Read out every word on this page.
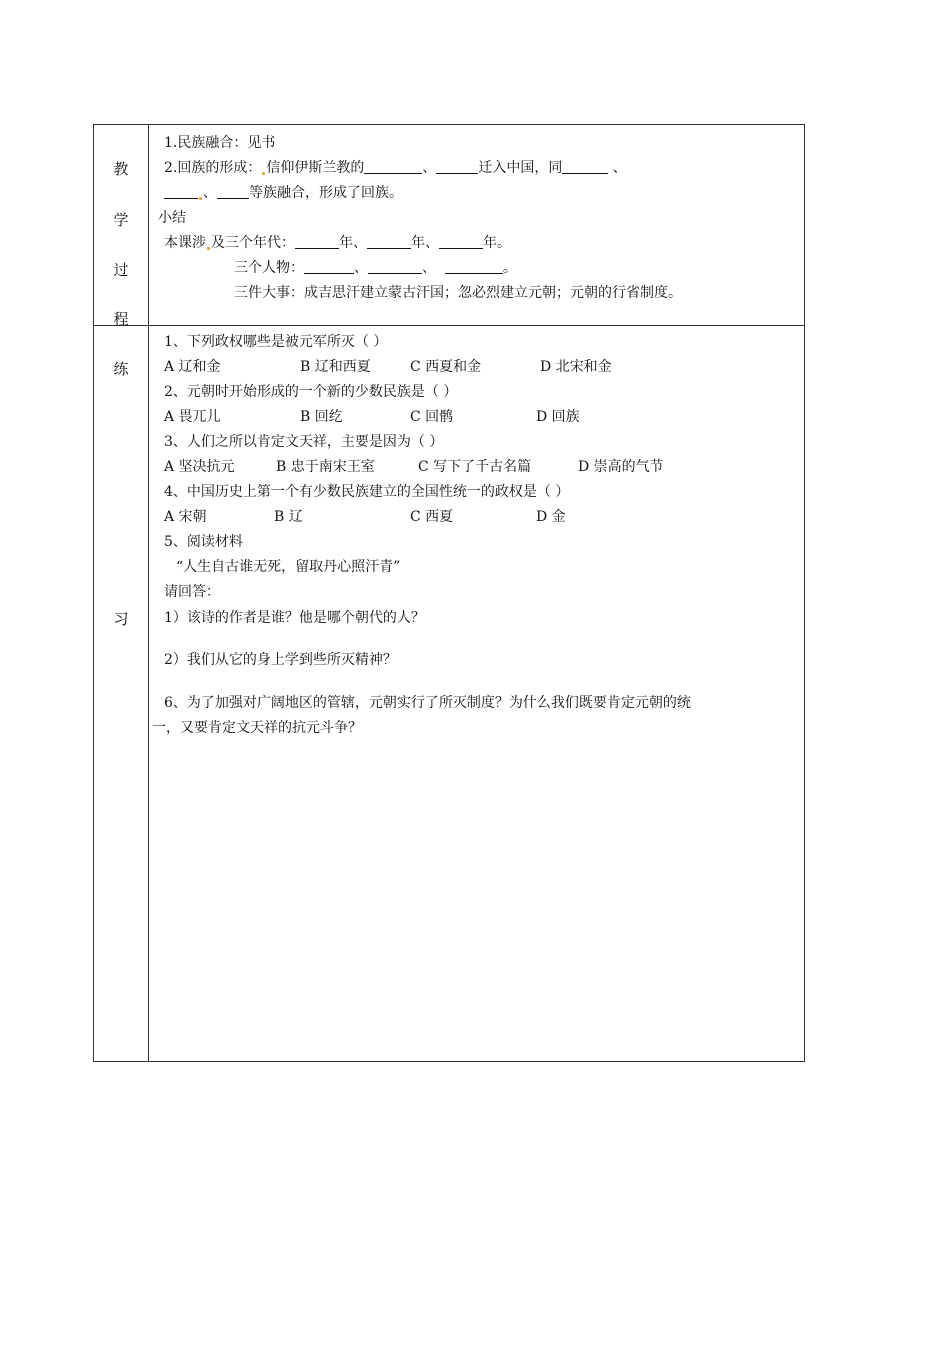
教
学
过
程
练
习
1.民族融合：见书
2.回族的形成： 信仰伊斯兰教的	、	迁入中国，同	、
、 等族融合，形成了回族。
小结
本课涉 及三个年代：	年、	年、	年。
三个人物：	、	、	。
三件大事：成吉思汗建立蒙古汗国；忽必烈建立元朝；元朝的行省制度。
1、下列政权哪些是被元军所灭（ ）
A 辽和金	B 辽和西夏	C 西夏和金	D 北宋和金
2、元朝时开始形成的一个新的少数民族是（ ）
A 畏兀儿	B 回纥	C 回鹘	D 回族
3、人们之所以肯定文天祥，主要是因为（ ）
A 坚决抗元	B 忠于南宋王室	C 写下了千古名篇	D 崇高的气节
4、中国历史上第一个有少数民族建立的全国性统一的政权是（ ）
A 宋朝	B 辽	C 西夏	D 金
5、阅读材料
“人生自古谁无死，留取丹心照汗青”
请回答：
1）该诗的作者是谁？他是哪个朝代的人？
2）我们从它的身上学到些所灭精神？
6、为了加强对广阔地区的管辖，元朝实行了所灭制度？为什么我们既要肯定元朝的统
一，又要肯定文天祥的抗元斗争？
